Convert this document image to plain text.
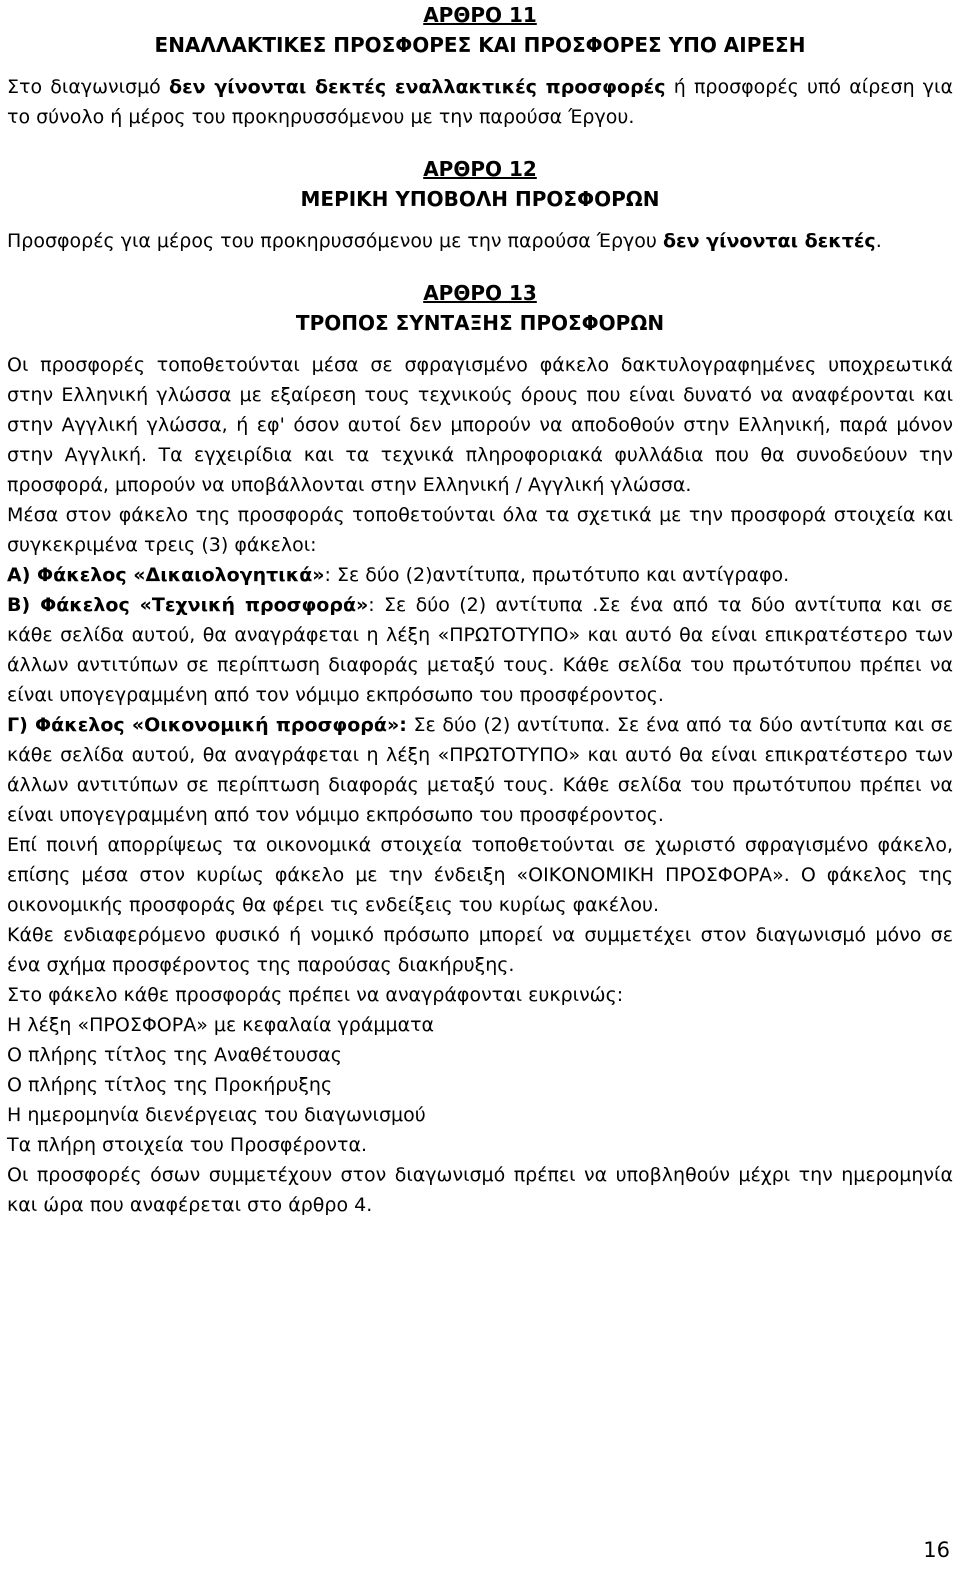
ΑΡΘΡΟ 11
ΕΝΑΛΛΑΚΤΙΚΕΣ ΠΡΟΣΦΟΡΕΣ ΚΑΙ ΠΡΟΣΦΟΡΕΣ ΥΠΟ ΑΙΡΕΣΗ

Στο διαγωνισμό δεν γίνονται δεκτές εναλλακτικές προσφορές ή προσφορές υπό αίρεση για το σύνολο ή μέρος του προκηρυσσόμενου με την παρούσα Έργου.

ΑΡΘΡΟ 12
ΜΕΡΙΚΗ ΥΠΟΒΟΛΗ ΠΡΟΣΦΟΡΩΝ

Προσφορές για μέρος του προκηρυσσόμενου με την παρούσα Έργου δεν γίνονται δεκτές.

ΑΡΘΡΟ 13
ΤΡΟΠΟΣ ΣΥΝΤΑΞΗΣ ΠΡΟΣΦΟΡΩΝ

Οι προσφορές τοποθετούνται μέσα σε σφραγισμένο φάκελο δακτυλογραφημένες υποχρεωτικά στην Ελληνική γλώσσα με εξαίρεση τους τεχνικούς όρους που είναι δυνατό να αναφέρονται και στην Αγγλική γλώσσα, ή εφ' όσον αυτοί δεν μπορούν να αποδοθούν στην Ελληνική, παρά μόνον στην Αγγλική. Τα εγχειρίδια και τα τεχνικά πληροφοριακά φυλλάδια που θα συνοδεύουν την προσφορά, μπορούν να υποβάλλονται στην Ελληνική / Αγγλική γλώσσα.

Μέσα στον φάκελο της προσφοράς τοποθετούνται όλα τα σχετικά με την προσφορά στοιχεία και συγκεκριμένα τρεις (3) φάκελοι:

Α) Φάκελος «Δικαιολογητικά»: Σε δύο (2)αντίτυπα, πρωτότυπο και αντίγραφο.

Β) Φάκελος «Τεχνική προσφορά»: Σε δύο (2) αντίτυπα .Σε ένα από τα δύο αντίτυπα και σε κάθε σελίδα αυτού, θα αναγράφεται η λέξη «ΠΡΩΤΟΤΥΠΟ» και αυτό θα είναι επικρατέστερο των άλλων αντιτύπων σε περίπτωση διαφοράς μεταξύ τους. Κάθε σελίδα του πρωτότυπου πρέπει να είναι υπογεγραμμένη από τον νόμιμο εκπρόσωπο του προσφέροντος.

Γ) Φάκελος «Οικονομική προσφορά»: Σε δύο (2) αντίτυπα. Σε ένα από τα δύο αντίτυπα και σε κάθε σελίδα αυτού, θα αναγράφεται η λέξη «ΠΡΩΤΟΤΥΠΟ» και αυτό θα είναι επικρατέστερο των άλλων αντιτύπων σε περίπτωση διαφοράς μεταξύ τους. Κάθε σελίδα του πρωτότυπου πρέπει να είναι υπογεγραμμένη από τον νόμιμο εκπρόσωπο του προσφέροντος.

Επί ποινή απορρίψεως τα οικονομικά στοιχεία τοποθετούνται σε χωριστό σφραγισμένο φάκελο, επίσης μέσα στον κυρίως φάκελο με την ένδειξη «ΟΙΚΟΝΟΜΙΚΗ ΠΡΟΣΦΟΡΑ». Ο φάκελος της οικονομικής προσφοράς θα φέρει τις ενδείξεις του κυρίως φακέλου.

Κάθε ενδιαφερόμενο φυσικό ή νομικό πρόσωπο μπορεί να συμμετέχει στον διαγωνισμό μόνο σε ένα σχήμα προσφέροντος της παρούσας διακήρυξης.

Στο φάκελο κάθε προσφοράς πρέπει να αναγράφονται ευκρινώς:
Η λέξη «ΠΡΟΣΦΟΡΑ» με κεφαλαία γράμματα
Ο πλήρης τίτλος της Αναθέτουσας
Ο πλήρης τίτλος της Προκήρυξης
Η ημερομηνία διενέργειας του διαγωνισμού
Τα πλήρη στοιχεία του Προσφέροντα.

Οι προσφορές όσων συμμετέχουν στον διαγωνισμό πρέπει να υποβληθούν μέχρι την ημερομηνία και ώρα που αναφέρεται στο άρθρο 4.

16
